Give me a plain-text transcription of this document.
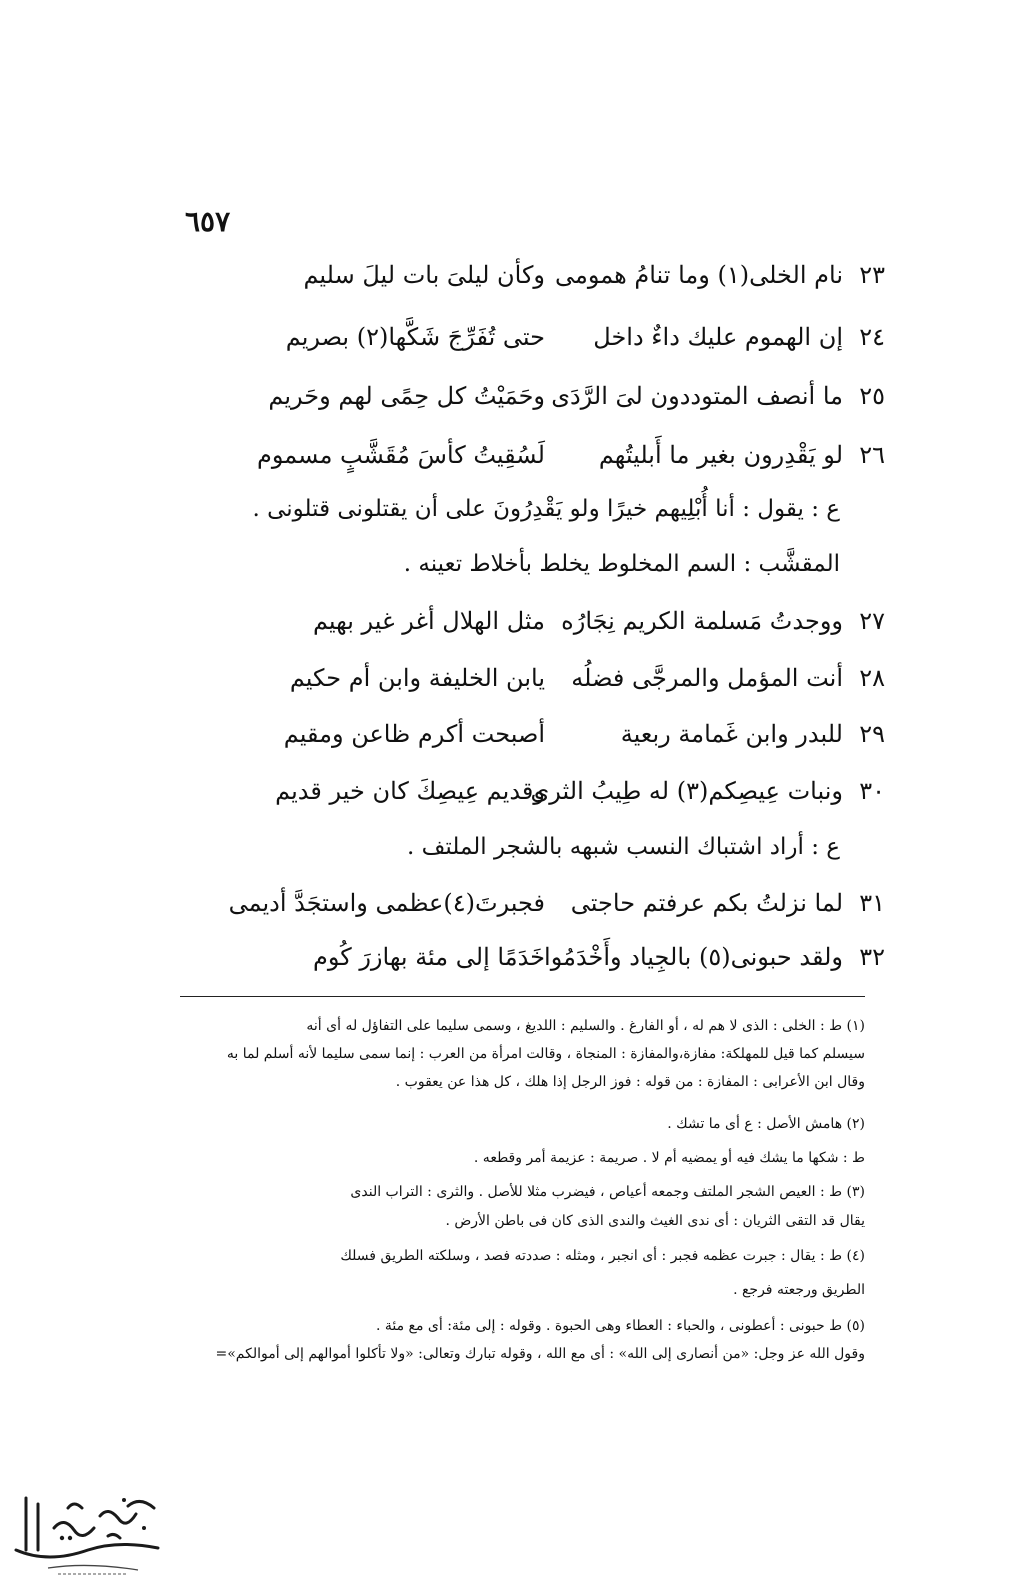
٦٥٧
٢٣
نام الخلى(١) وما تنامُ همومى
وكأن ليلىَ بات ليلَ سليم
٢٤
إن الهموم عليك داءٌ داخل
حتى تُفَرِّجَ شَكَّها(٢) بصريم
٢٥
ما أنصف المتوددون لىَ الرَّدَى
وحَمَيْتُ كل حِمًى لهم وحَريم
٢٦
لو يَقْدِرون بغير ما أَبليتُهم
لَسُقِيتُ كأسَ مُقَشَّبٍ مسموم
ع : يقول : أنا أُبْلِيهم خيرًا ولو يَقْدِرُونَ على أن يقتلونى قتلونى .
المقشَّب : السم المخلوط يخلط بأخلاط تعينه .
٢٧
ووجدتُ مَسلمة الكريم نِجَارُه
مثل الهلال أغر غير بهيم
٢٨
أنت المؤمل والمرجَّى فضلُه
يابن الخليفة وابن أم حكيم
٢٩
للبدر وابن غَمامة ربعية
أصبحت أكرم ظاعن ومقيم
٣٠
ونبات عِيصِكم(٣) له طِيبُ الثرى
وقديم عِيصِكَ كان خير قديم
ع : أراد اشتباك النسب شبهه بالشجر الملتف .
٣١
لما نزلتُ بكم عرفتم حاجتى
فجبرتَ(٤)عظمى واستجَدَّ أديمى
٣٢
ولقد حبونى(٥) بالجِياد وأَخْدَمُوا
خَدَمًا إلى مئة بهازرَ كُوم
(١) ط : الخلى : الذى لا هم له ، أو الفارغ . والسليم : اللديغ ، وسمى سليما على التفاؤل له أى أنه
سيسلم كما قيل للمهلكة: مفازة،والمفازة : المنجاة ، وقالت امرأة من العرب : إنما سمى سليما لأنه أسلم لما به
وقال ابن الأعرابى : المفازة : من قوله : فوز الرجل إذا هلك ، كل هذا عن يعقوب .
(٢) هامش الأصل : ع أى ما تشك .
ط : شكها ما يشك فيه أو يمضيه أم لا . صريمة : عزيمة أمر وقطعه .
(٣) ط : العيص الشجر الملتف وجمعه أعياص ، فيضرب مثلا للأصل . والثرى : التراب الندى
يقال قد التقى الثريان : أى ندى الغيث والندى الذى كان فى باطن الأرض .
(٤) ط : يقال : جبرت عظمه فجبر : أى انجبر ، ومثله : صددته فصد ، وسلكته الطريق فسلك
الطريق ورجعته فرجع .
(٥) ط حبونى : أعطونى ، والحباء : العطاء وهى الحبوة . وقوله : إلى مئة: أى مع مئة .
وقول الله عز وجل: «من أنصارى إلى الله» : أى مع الله ، وقوله تبارك وتعالى: «ولا تأكلوا أموالهم إلى أموالكم»=
